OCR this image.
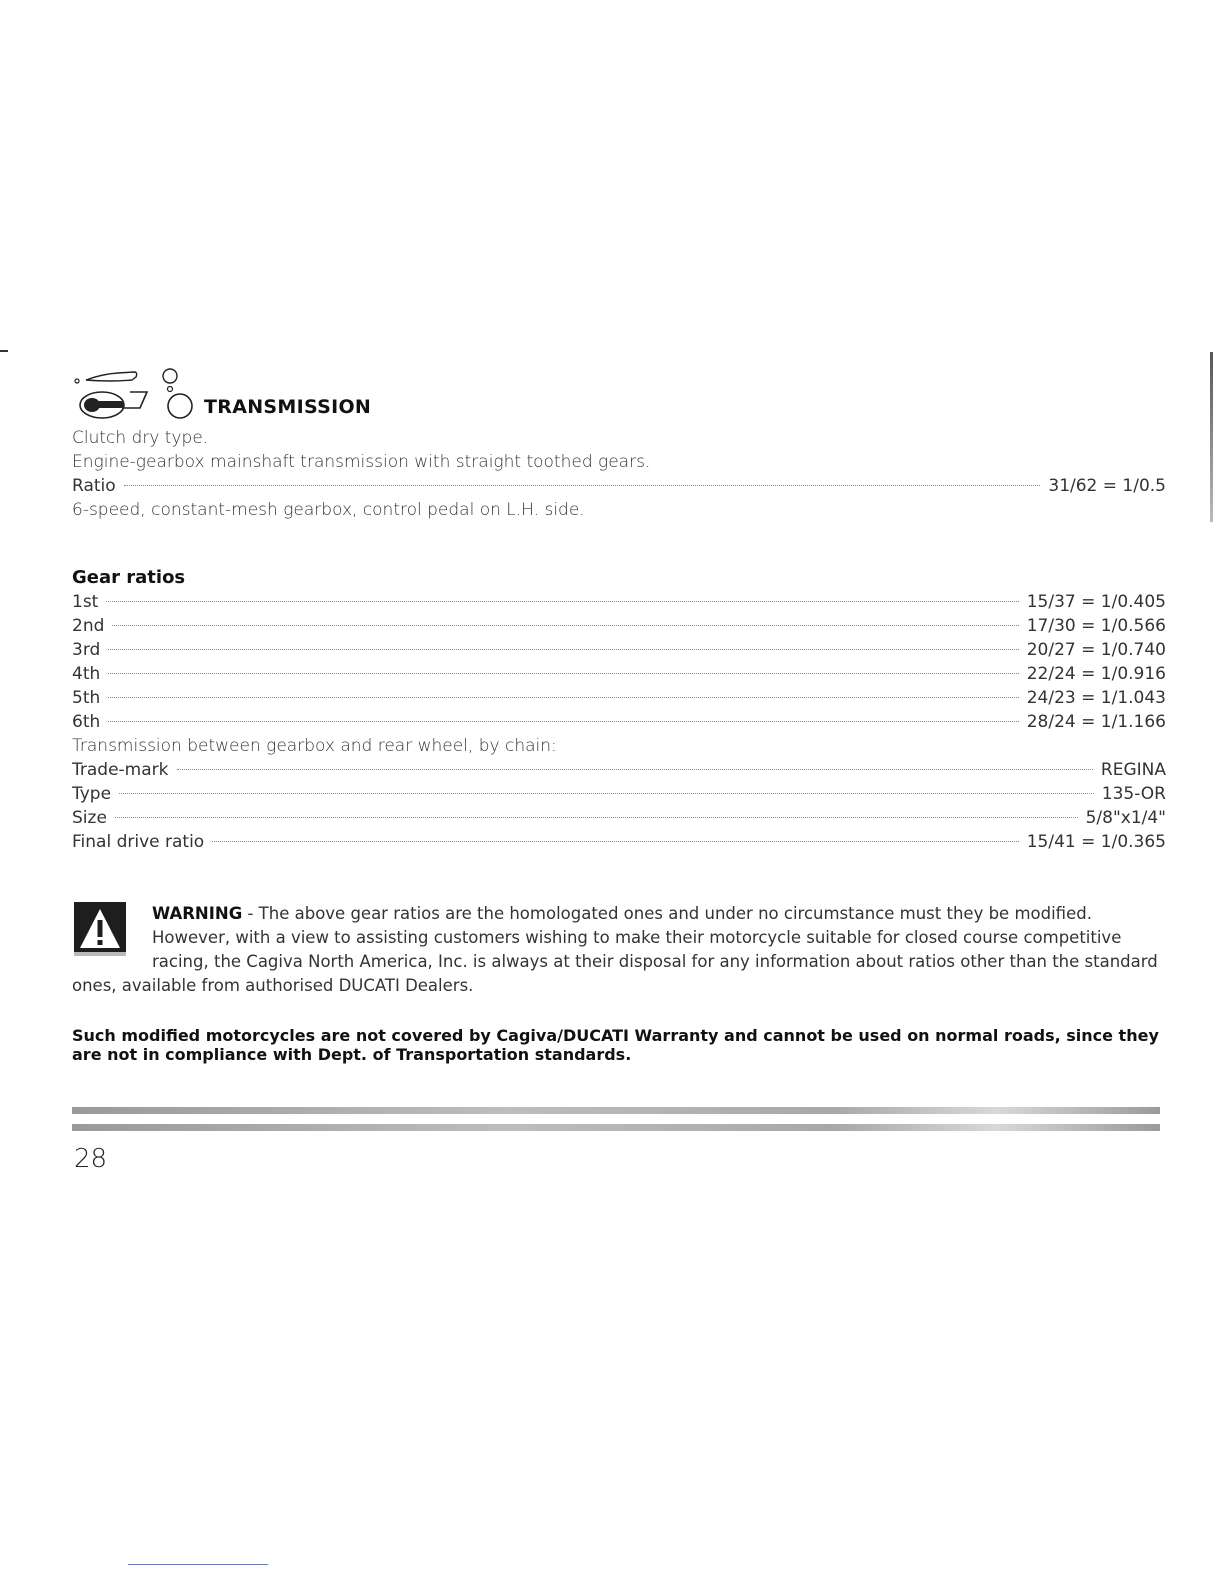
TRANSMISSION
Clutch dry type.
Engine-gearbox mainshaft transmission with straight toothed gears.
Ratio	31/62 = 1/0.5
6-speed, constant-mesh gearbox, control pedal on L.H. side.
Gear ratios
1st	15/37 = 1/0.405
2nd	17/30 = 1/0.566
3rd	20/27 = 1/0.740
4th	22/24 = 1/0.916
5th	24/23 = 1/1.043
6th	28/24 = 1/1.166
Transmission between gearbox and rear wheel, by chain:
Trade-mark	REGINA
Type	135-OR
Size	5/8"x1/4"
Final drive ratio	15/41 = 1/0.365
WARNING - The above gear ratios are the homologated ones and under no circumstance must they be modified. However, with a view to assisting customers wishing to make their motorcycle suitable for closed course competitive racing, the Cagiva North America, Inc. is always at their disposal for any information about ratios other than the standard ones, available from authorised DUCATI Dealers.
Such modified motorcycles are not covered by Cagiva/DUCATI Warranty and cannot be used on normal roads, since they are not in compliance with Dept. of Transportation standards.
28
